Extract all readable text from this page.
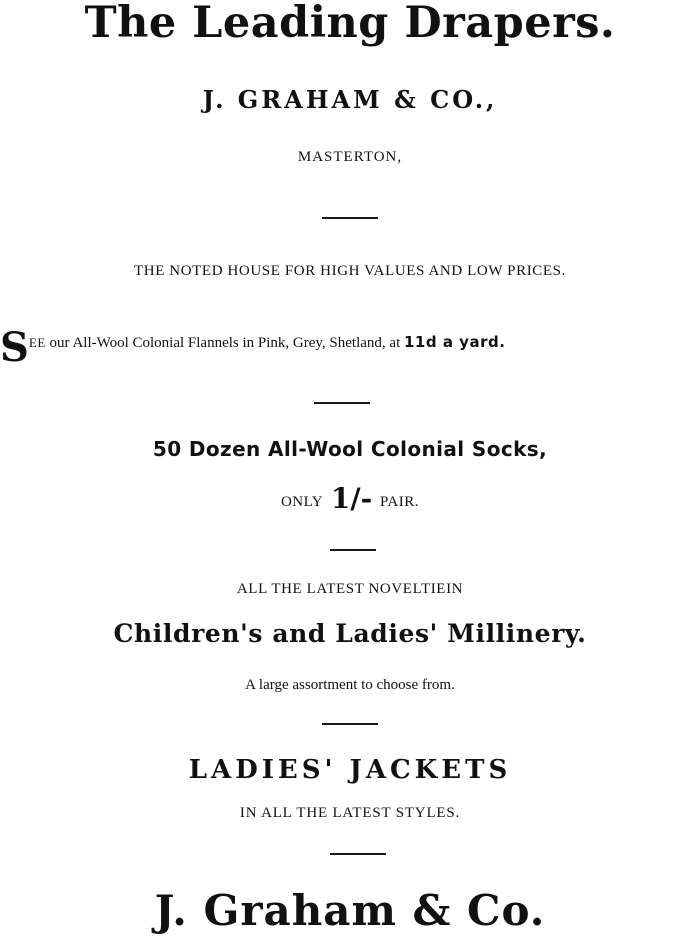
The Leading Drapers.
J. GRAHAM & CO.,
MASTERTON,
THE NOTED HOUSE FOR HIGH VALUES AND LOW PRICES.
SEE our All-Wool Colonial Flannels in Pink, Grey, Shetland, at 11d a yard.
50 Dozen All-Wool Colonial Socks,
ONLY 1/- PAIR.
ALL THE LATEST NOVELTIEIN
Children's and Ladies' Millinery.
A large assortment to choose from.
LADIES' JACKETS
IN ALL THE LATEST STYLES.
J. Graham & Co.
